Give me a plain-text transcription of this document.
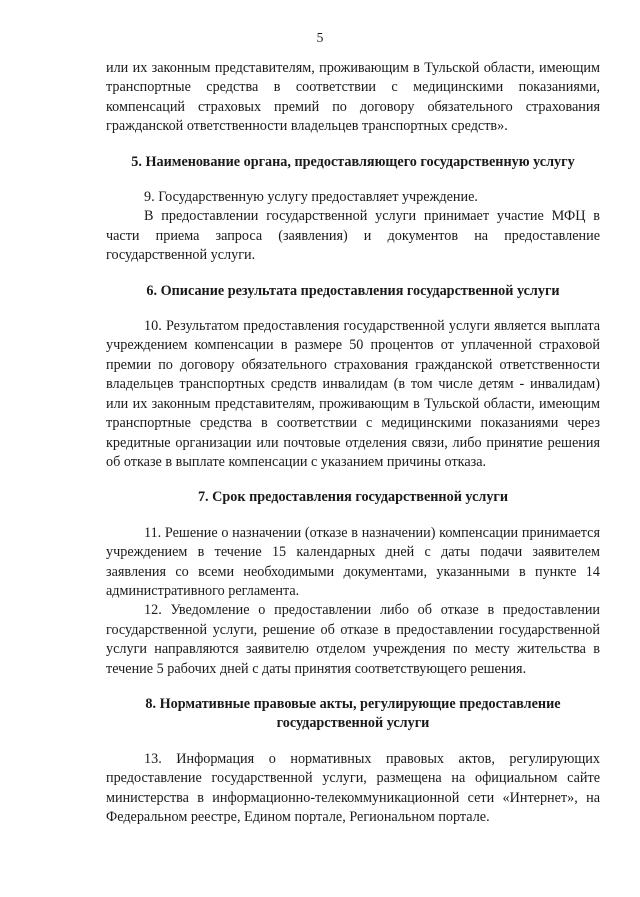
5

или их законным представителям, проживающим в Тульской области, имеющим транспортные средства в соответствии с медицинскими показаниями, компенсаций страховых премий по договору обязательного страхования гражданской ответственности владельцев транспортных средств».

5. Наименование органа, предоставляющего государственную услугу

9. Государственную услугу предоставляет учреждение.

В предоставлении государственной услуги принимает участие МФЦ в части приема запроса (заявления) и документов на предоставление государственной услуги.

6. Описание результата предоставления государственной услуги

10. Результатом предоставления государственной услуги является выплата учреждением компенсации в размере 50 процентов от уплаченной страховой премии по договору обязательного страхования гражданской ответственности владельцев транспортных средств инвалидам (в том числе детям - инвалидам) или их законным представителям, проживающим в Тульской области, имеющим транспортные средства в соответствии с медицинскими показаниями через кредитные организации или почтовые отделения связи, либо принятие решения об отказе в выплате компенсации с указанием причины отказа.

7. Срок предоставления государственной услуги

11. Решение о назначении (отказе в назначении) компенсации принимается учреждением в течение 15 календарных дней с даты подачи заявителем заявления со всеми необходимыми документами, указанными в пункте 14 административного регламента.

12. Уведомление о предоставлении либо об отказе в предоставлении государственной услуги, решение об отказе в предоставлении государственной услуги направляются заявителю отделом учреждения по месту жительства в течение 5 рабочих дней с даты принятия соответствующего решения.

8. Нормативные правовые акты, регулирующие предоставление государственной услуги

13. Информация о нормативных правовых актов, регулирующих предоставление государственной услуги, размещена на официальном сайте министерства в информационно-телекоммуникационной сети «Интернет», на Федеральном реестре, Едином портале, Региональном портале.
